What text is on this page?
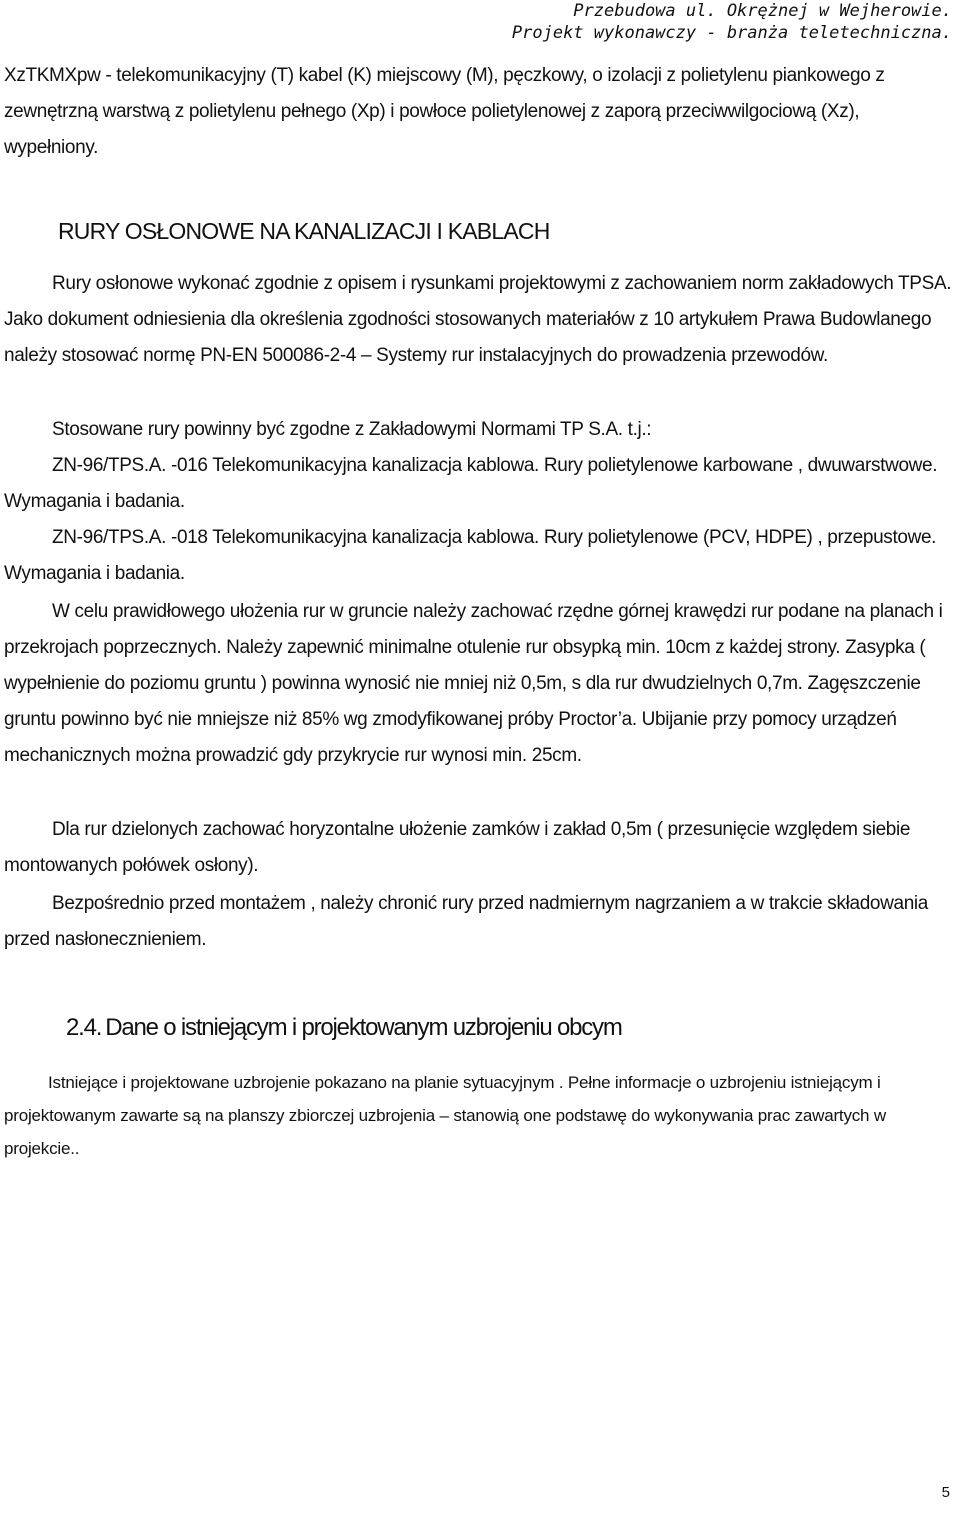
Przebudowa ul. Okrężnej w Wejherowie.
Projekt wykonawczy - branża teletechniczna.

XzTKMXpw - telekomunikacyjny (T) kabel (K) miejscowy (M), pęczkowy, o izolacji z polietylenu piankowego z zewnętrzną warstwą z polietylenu pełnego (Xp) i powłoce polietylenowej z zaporą przeciwwilgociową (Xz), wypełniony.

RURY OSŁONOWE NA KANALIZACJI I KABLACH

Rury osłonowe wykonać zgodnie z opisem i rysunkami projektowymi z zachowaniem norm zakładowych TPSA. Jako dokument odniesienia dla określenia zgodności stosowanych materiałów z 10 artykułem Prawa Budowlanego należy stosować normę PN-EN 500086-2-4 – Systemy rur instalacyjnych do prowadzenia przewodów.

Stosowane rury powinny być zgodne z Zakładowymi Normami TP S.A. t.j.:

ZN-96/TPS.A. -016 Telekomunikacyjna kanalizacja kablowa. Rury polietylenowe karbowane , dwuwarstwowe. Wymagania i badania.

ZN-96/TPS.A. -018 Telekomunikacyjna kanalizacja kablowa. Rury polietylenowe (PCV, HDPE) , przepustowe. Wymagania i badania.

W celu prawidłowego ułożenia rur w gruncie należy zachować rzędne górnej krawędzi rur podane na planach i przekrojach poprzecznych. Należy zapewnić minimalne otulenie rur obsypką min. 10cm z każdej strony. Zasypka ( wypełnienie do poziomu gruntu ) powinna wynosić nie mniej niż 0,5m, s dla rur dwudzielnych 0,7m. Zagęszczenie gruntu powinno być nie mniejsze niż 85% wg zmodyfikowanej próby Proctor’a. Ubijanie przy pomocy urządzeń mechanicznych można prowadzić gdy przykrycie rur wynosi min. 25cm.

Dla rur dzielonych zachować horyzontalne ułożenie zamków i zakład 0,5m ( przesunięcie względem siebie montowanych połówek osłony).

Bezpośrednio przed montażem , należy chronić rury przed nadmiernym nagrzaniem a w trakcie składowania przed nasłonecznieniem.

2.4. Dane o istniejącym i projektowanym uzbrojeniu obcym

Istniejące i projektowane uzbrojenie pokazano na planie sytuacyjnym . Pełne informacje o uzbrojeniu istniejącym i projektowanym zawarte są na planszy zbiorczej uzbrojenia – stanowią one podstawę do wykonywania prac zawartych w projekcie..

5
